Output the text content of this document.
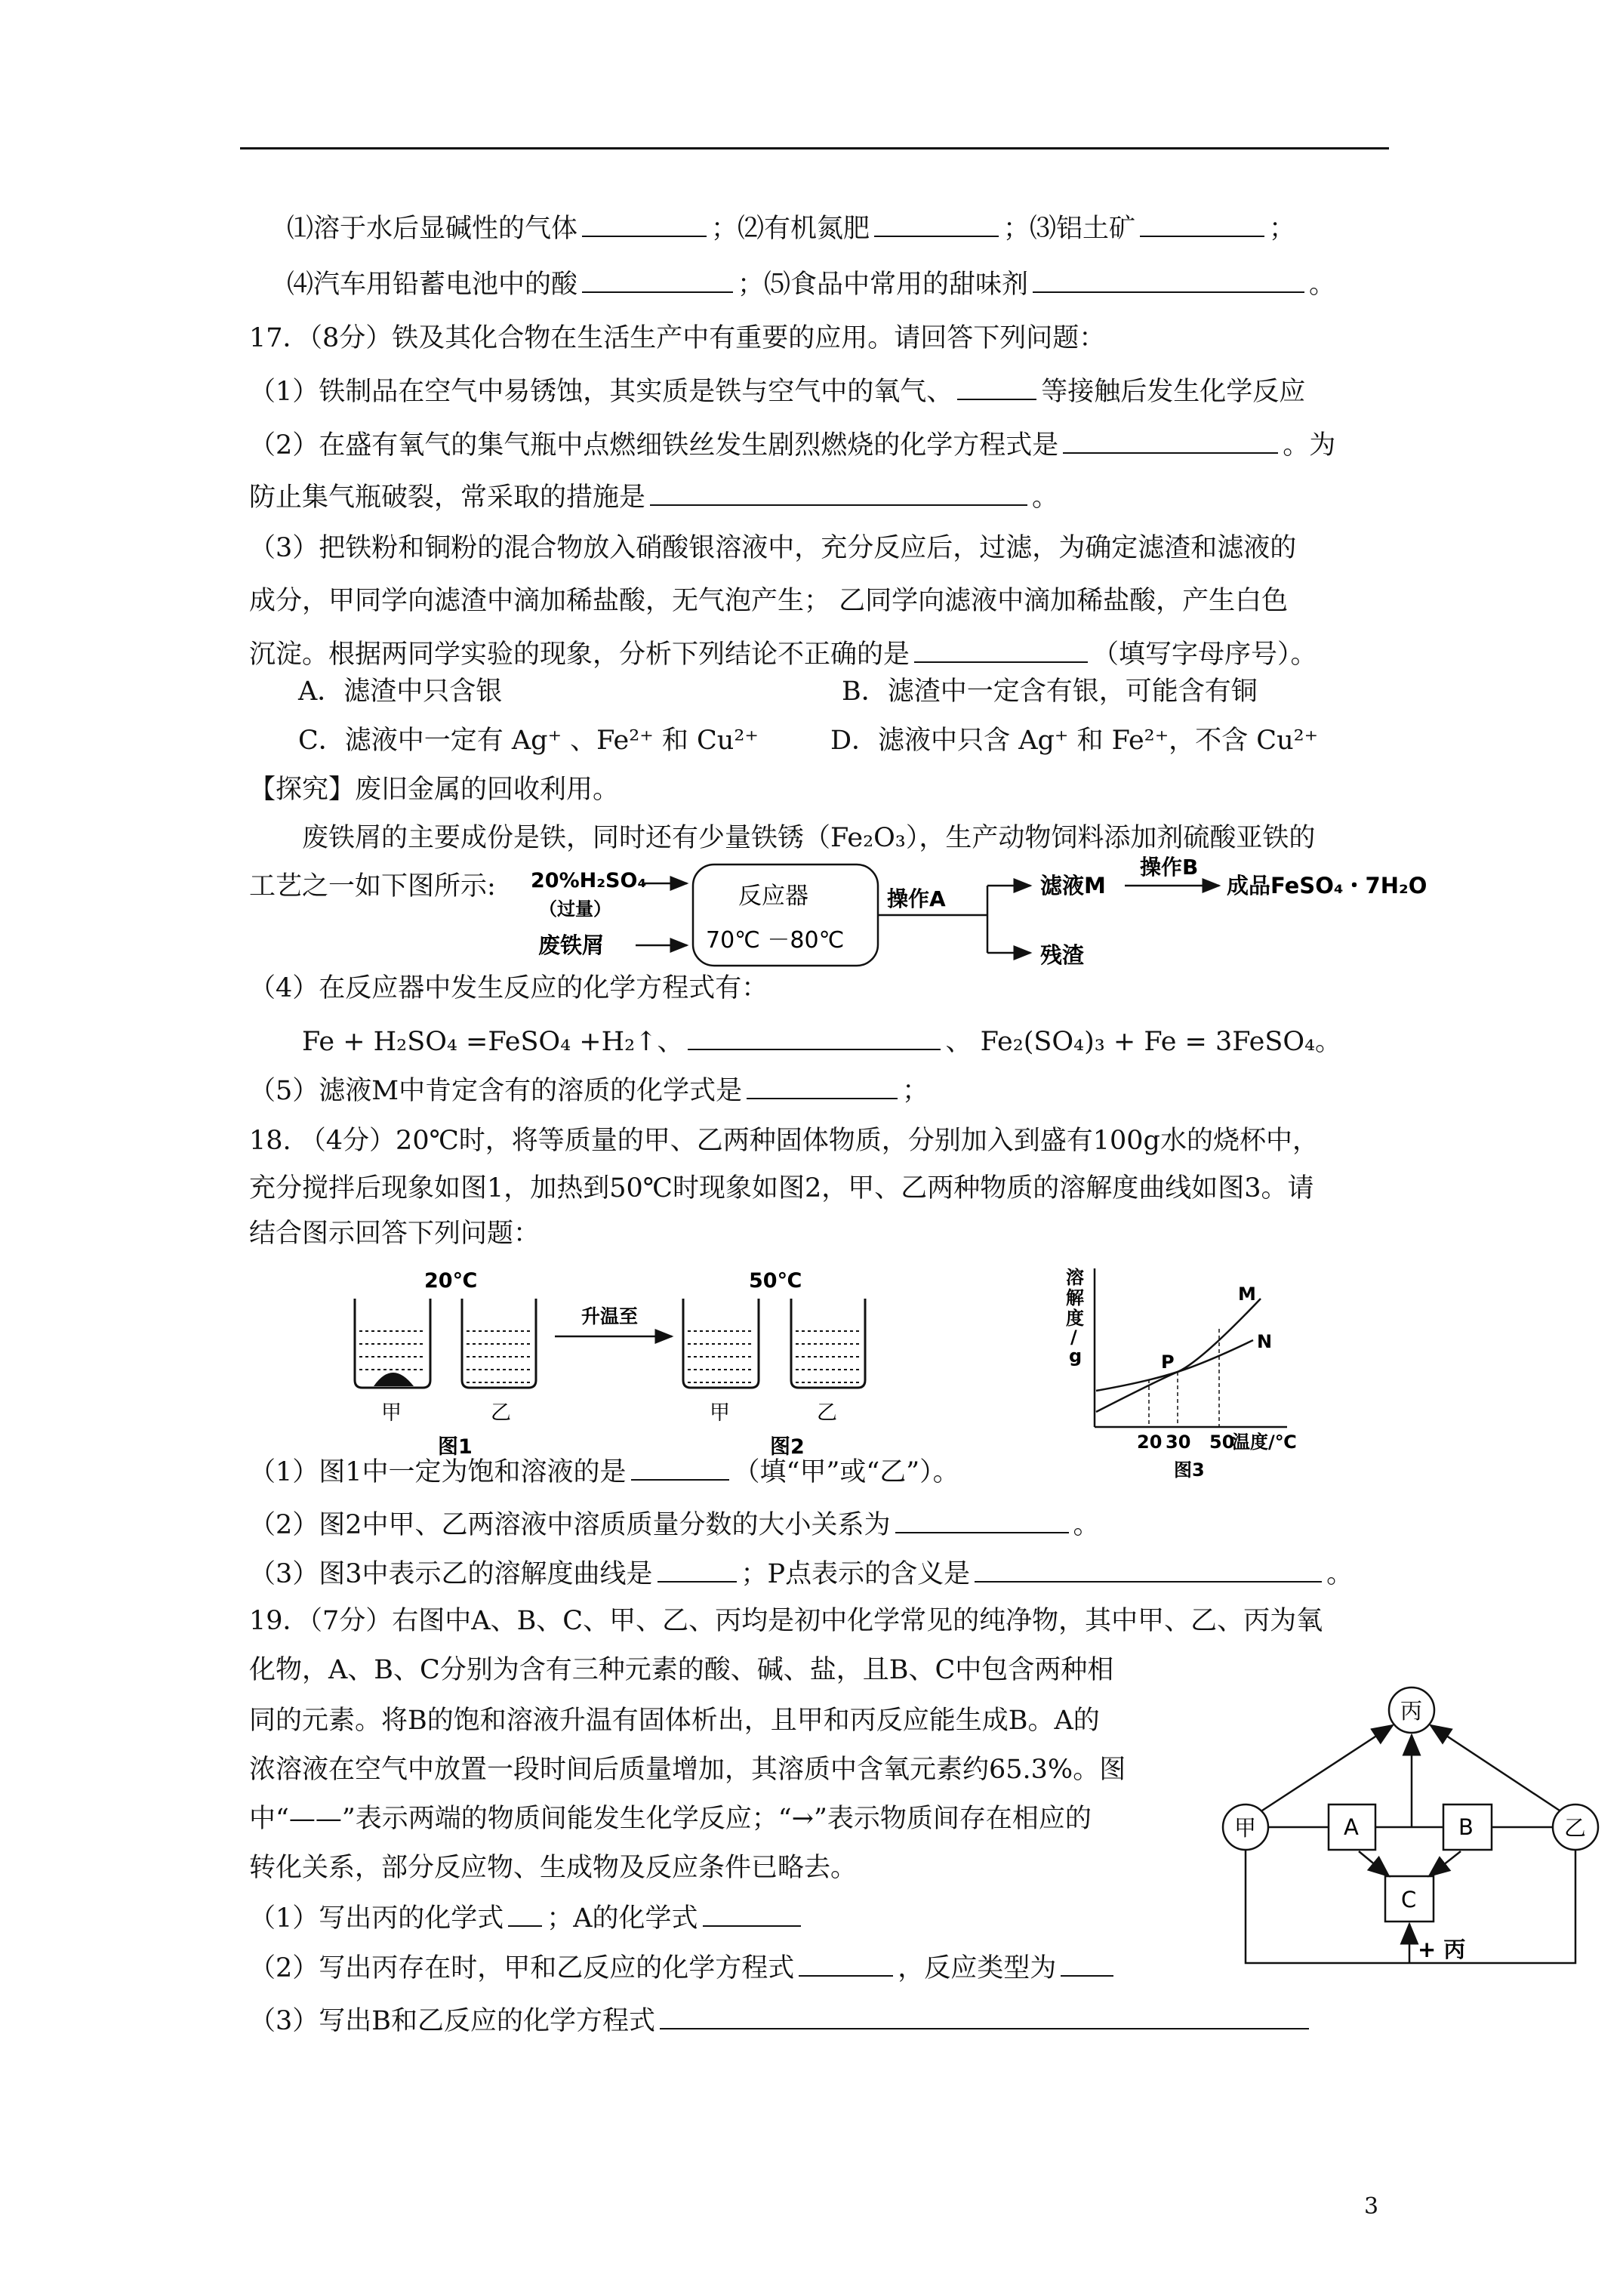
⑴溶于水后显碱性的气体	；⑵有机氮肥	；⑶铝土矿	；
⑷汽车用铅蓄电池中的酸	；⑸食品中常用的甜味剂	。
17．（8分）铁及其化合物在生活生产中有重要的应用。请回答下列问题：
（1）铁制品在空气中易锈蚀，其实质是铁与空气中的氧气、	等接触后发生化学反应
（2）在盛有氧气的集气瓶中点燃细铁丝发生剧烈燃烧的化学方程式是	。为
防止集气瓶破裂，常采取的措施是	。
（3）把铁粉和铜粉的混合物放入硝酸银溶液中，充分反应后，过滤，为确定滤渣和滤液的
成分，甲同学向滤渣中滴加稀盐酸，无气泡产生； 乙同学向滤液中滴加稀盐酸，产生白色
沉淀。根据两同学实验的现象，分析下列结论不正确的是	（填写字母序号）。
A．滤渣中只含银	B．滤渣中一定含有银，可能含有铜
C．滤液中一定有 Ag⁺ 、Fe²⁺ 和 Cu²⁺	D．滤液中只含 Ag⁺ 和 Fe²⁺，不含 Cu²⁺
【探究】废旧金属的回收利用。
废铁屑的主要成份是铁，同时还有少量铁锈（Fe₂O₃），生产动物饲料添加剂硫酸亚铁的
工艺之一如下图所示: 20%H₂SO₄
（过量）
废铁屑
反应器
70℃ －80℃
操作A
滤液M
操作B
成品FeSO₄・7H₂O
残渣
（4）在反应器中发生反应的化学方程式有：
Fe + H₂SO₄ =FeSO₄ +H₂↑、	、 Fe₂(SO₄)₃ + Fe = 3FeSO₄。
（5）滤液M中肯定含有的溶质的化学式是	；
18. （4分）20℃时，将等质量的甲、乙两种固体物质，分别加入到盛有100g水的烧杯中，
充分搅拌后现象如图1，加热到50℃时现象如图2，甲、乙两种物质的溶解度曲线如图3。请
结合图示回答下列问题：
20℃
甲	乙
图1
升温至
50℃
甲	乙
图2
溶
解
度
/
g	P
M
N
20 30 50
温度/℃
图3
（1）图1中一定为饱和溶液的是	（填“甲”或“乙”）。
（2）图2中甲、乙两溶液中溶质质量分数的大小关系为	。
（3）图3中表示乙的溶解度曲线是	；P点表示的含义是	。
19．（7分）右图中A、B、C、甲、乙、丙均是初中化学常见的纯净物，其中甲、乙、丙为氧
化物，A、B、C分别为含有三种元素的酸、碱、盐，且B、C中包含两种相
同的元素。将B的饱和溶液升温有固体析出，且甲和丙反应能生成B。A的
浓溶液在空气中放置一段时间后质量增加，其溶质中含氧元素约65.3%。图
中“——”表示两端的物质间能发生化学反应；“→”表示物质间存在相应的
转化关系，部分反应物、生成物及反应条件已略去。
（1）写出丙的化学式 ；A的化学式
（2）写出丙存在时，甲和乙反应的化学方程式	，反应类型为
（3）写出B和乙反应的化学方程式
丙
甲	乙
A	B
C
+ 丙
3
